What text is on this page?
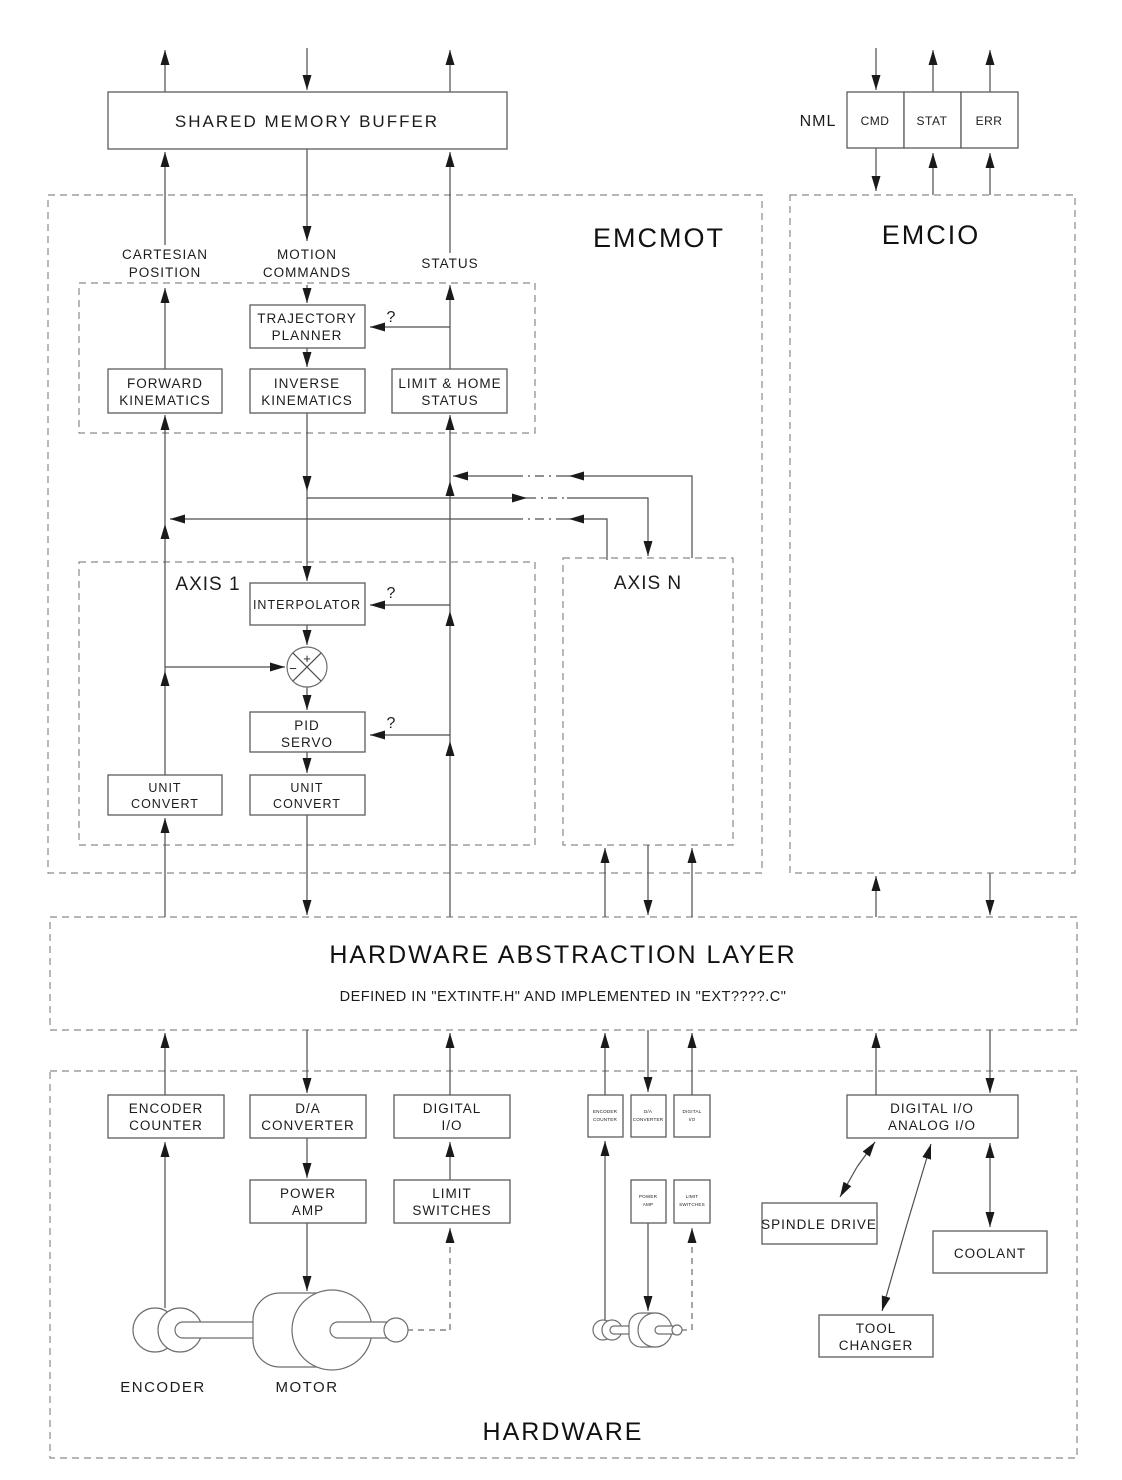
+
−
SHARED MEMORY BUFFER	NML CMD STAT ERR
EMCMOT	EMCIO
CARTESIAN
POSITION
MOTION
COMMANDS
STATUS
TRAJECTORY
PLANNER
?
FORWARD
KINEMATICS
INVERSE
KINEMATICS
LIMIT & HOME
STATUS
AXIS 1	AXIS N
INTERPOLATOR
?
PID
SERVO
?
UNIT
CONVERT
UNIT
CONVERT
HARDWARE ABSTRACTION LAYER
DEFINED IN "EXTINTF.H" AND IMPLEMENTED IN "EXT????.C"
ENCODER
COUNTER
D/A
CONVERTER
DIGITAL
I/O
POWER
AMP
LIMIT
SWITCHES
ENCODER
COUNTER
D/A
CONVERTER
DIGITAL
I/O
POWER
AMP
LIMIT
SWITCHES
DIGITAL I/O
ANALOG I/O
SPINDLE DRIVE
COOLANT
TOOL
CHANGER
ENCODER	MOTOR
HARDWARE
